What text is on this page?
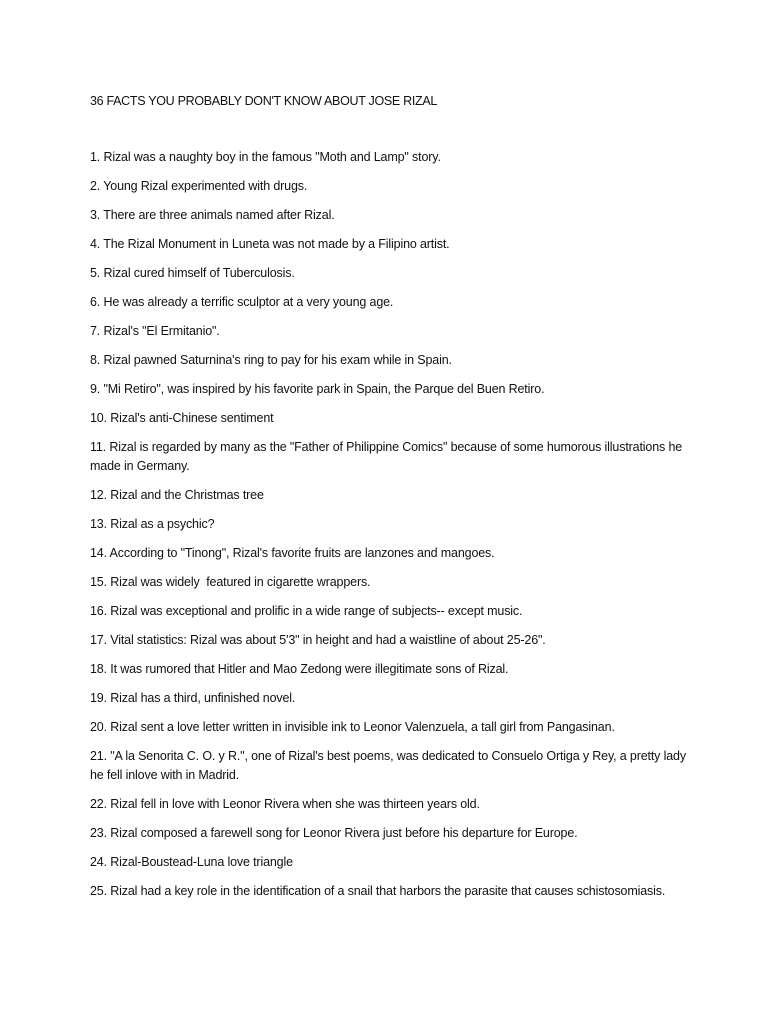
36 FACTS YOU PROBABLY DON'T KNOW ABOUT JOSE RIZAL
1. Rizal was a naughty boy in the famous "Moth and Lamp" story.
2. Young Rizal experimented with drugs.
3. There are three animals named after Rizal.
4. The Rizal Monument in Luneta was not made by a Filipino artist.
5. Rizal cured himself of Tuberculosis.
6. He was already a terrific sculptor at a very young age.
7. Rizal's "El Ermitanio".
8. Rizal pawned Saturnina's ring to pay for his exam while in Spain.
9. "Mi Retiro", was inspired by his favorite park in Spain, the Parque del Buen Retiro.
10. Rizal's anti-Chinese sentiment
11. Rizal is regarded by many as the "Father of Philippine Comics" because of some humorous illustrations he made in Germany.
12. Rizal and the Christmas tree
13. Rizal as a psychic?
14. According to "Tinong", Rizal's favorite fruits are lanzones and mangoes.
15. Rizal was widely  featured in cigarette wrappers.
16. Rizal was exceptional and prolific in a wide range of subjects-- except music.
17. Vital statistics: Rizal was about 5'3" in height and had a waistline of about 25-26".
18. It was rumored that Hitler and Mao Zedong were illegitimate sons of Rizal.
19. Rizal has a third, unfinished novel.
20. Rizal sent a love letter written in invisible ink to Leonor Valenzuela, a tall girl from Pangasinan.
21. "A la Senorita C. O. y R.", one of Rizal's best poems, was dedicated to Consuelo Ortiga y Rey, a pretty lady he fell inlove with in Madrid.
22. Rizal fell in love with Leonor Rivera when she was thirteen years old.
23. Rizal composed a farewell song for Leonor Rivera just before his departure for Europe.
24. Rizal-Boustead-Luna love triangle
25. Rizal had a key role in the identification of a snail that harbors the parasite that causes schistosomiasis.
